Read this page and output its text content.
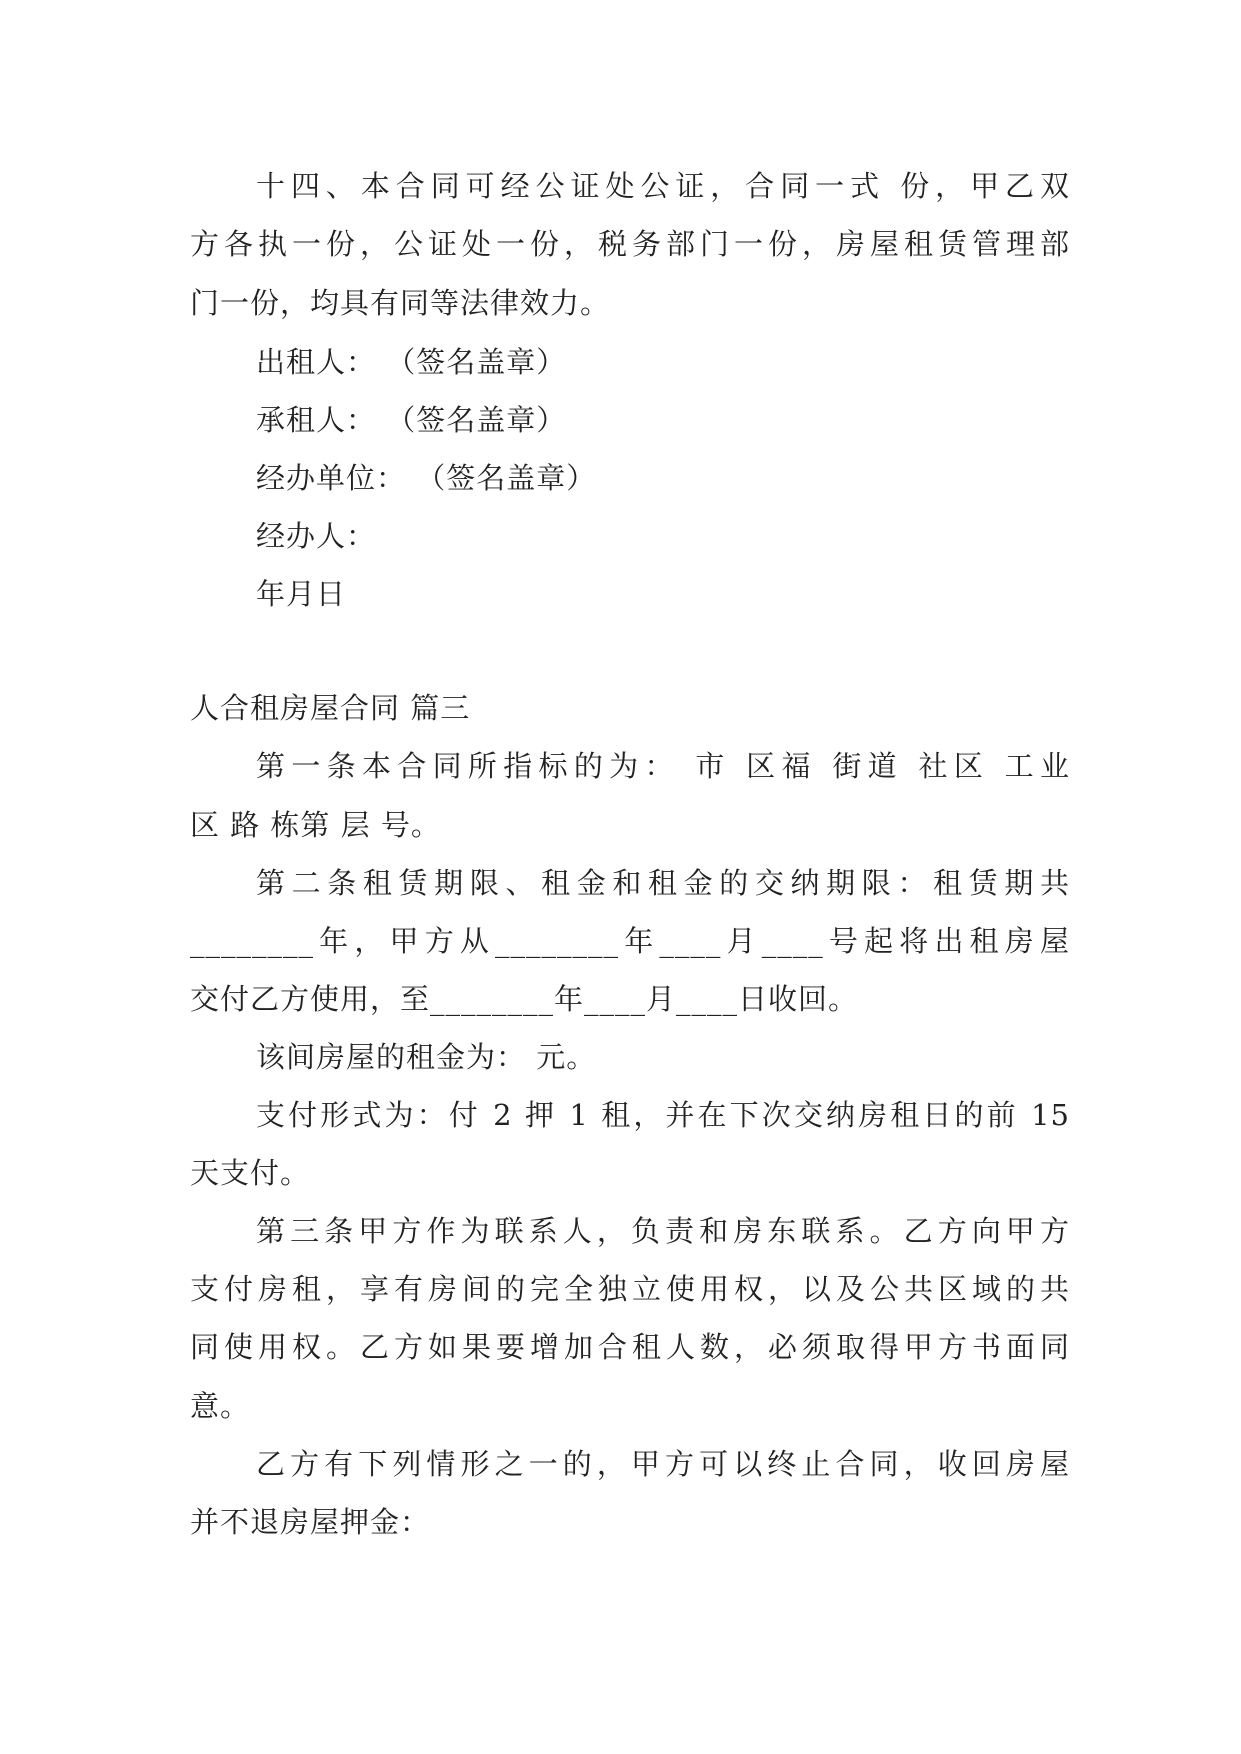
十四、本合同可经公证处公证，合同一式 份，甲乙双
方各执一份，公证处一份，税务部门一份，房屋租赁管理部
门一份，均具有同等法律效力。
出租人： （签名盖章）
承租人： （签名盖章）
经办单位： （签名盖章）
经办人：
年月日
人合租房屋合同 篇三
第一条本合同所指标的为： 市 区福 街道 社区 工业
区 路 栋第 层 号。
第二条租赁期限、租金和租金的交纳期限：租赁期共
________年，甲方从________年____月____号起将出租房屋
交付乙方使用，至________年____月____日收回。
该间房屋的租金为： 元。
支付形式为：付 2 押 1 租，并在下次交纳房租日的前 15
天支付。
第三条甲方作为联系人，负责和房东联系。乙方向甲方
支付房租，享有房间的完全独立使用权，以及公共区域的共
同使用权。乙方如果要增加合租人数，必须取得甲方书面同
意。
乙方有下列情形之一的，甲方可以终止合同，收回房屋
并不退房屋押金：
